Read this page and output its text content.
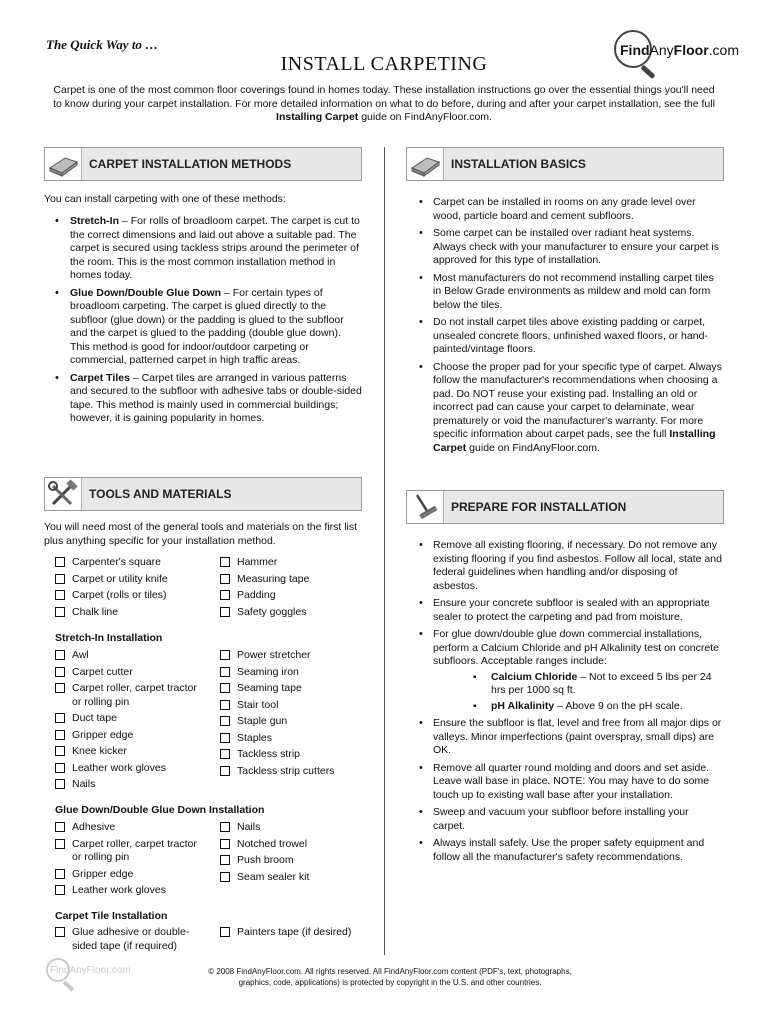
The Quick Way to …	FindAnyFloor.com
INSTALL CARPETING
Carpet is one of the most common floor coverings found in homes today. These installation instructions go over the essential things you'll need to know during your carpet installation. For more detailed information on what to do before, during and after your carpet installation, see the full Installing Carpet guide on FindAnyFloor.com.
CARPET INSTALLATION METHODS
You can install carpeting with one of these methods:
• Stretch-In – For rolls of broadloom carpet. The carpet is cut to the correct dimensions and laid out above a suitable pad. The carpet is secured using tackless strips around the perimeter of the room. This is the most common installation method in homes today.
• Glue Down/Double Glue Down – For certain types of broadloom carpeting. The carpet is glued directly to the subfloor (glue down) or the padding is glued to the subfloor and the carpet is glued to the padding (double glue down). This method is good for indoor/outdoor carpeting or commercial, patterned carpet in high traffic areas.
• Carpet Tiles – Carpet tiles are arranged in various patterns and secured to the subfloor with adhesive tabs or double-sided tape. This method is mainly used in commercial buildings; however, it is gaining popularity in homes.
TOOLS AND MATERIALS
You will need most of the general tools and materials on the first list plus anything specific for your installation method.
Carpenter's square
Carpet or utility knife
Carpet (rolls or tiles)
Chalk line
Hammer
Measuring tape
Padding
Safety goggles
Stretch-In Installation
Awl
Carpet cutter
Carpet roller, carpet tractor or rolling pin
Duct tape
Gripper edge
Knee kicker
Leather work gloves
Nails
Power stretcher
Seaming iron
Seaming tape
Stair tool
Staple gun
Staples
Tackless strip
Tackless strip cutters
Glue Down/Double Glue Down Installation
Adhesive
Carpet roller, carpet tractor or rolling pin
Gripper edge
Leather work gloves
Nails
Notched trowel
Push broom
Seam sealer kit
Carpet Tile Installation
Glue adhesive or double-sided tape (if required)
Painters tape (if desired)
INSTALLATION BASICS
• Carpet can be installed in rooms on any grade level over wood, particle board and cement subfloors.
• Some carpet can be installed over radiant heat systems. Always check with your manufacturer to ensure your carpet is approved for this type of installation.
• Most manufacturers do not recommend installing carpet tiles in Below Grade environments as mildew and mold can form below the tiles.
• Do not install carpet tiles above existing padding or carpet, unsealed concrete floors, unfinished waxed floors, or hand-painted/vintage floors.
• Choose the proper pad for your specific type of carpet. Always follow the manufacturer's recommendations when choosing a pad. Do NOT reuse your existing pad. Installing an old or incorrect pad can cause your carpet to delaminate, wear prematurely or void the manufacturer's warranty. For more specific information about carpet pads, see the full Installing Carpet guide on FindAnyFloor.com.
PREPARE FOR INSTALLATION
• Remove all existing flooring, if necessary. Do not remove any existing flooring if you find asbestos. Follow all local, state and federal guidelines when handling and/or disposing of asbestos.
• Ensure your concrete subfloor is sealed with an appropriate sealer to protect the carpeting and pad from moisture.
• For glue down/double glue down commercial installations, perform a Calcium Chloride and pH Alkalinity test on concrete subfloors. Acceptable ranges include:
▪ Calcium Chloride – Not to exceed 5 lbs per 24 hrs per 1000 sq ft.
▪ pH Alkalinity – Above 9 on the pH scale.
• Ensure the subfloor is flat, level and free from all major dips or valleys. Minor imperfections (paint overspray, small dips) are OK.
• Remove all quarter round molding and doors and set aside. Leave wall base in place. NOTE: You may have to do some touch up to existing wall base after your installation.
• Sweep and vacuum your subfloor before installing your carpet.
• Always install safely. Use the proper safety equipment and follow all the manufacturer's safety recommendations.
FindAnyFloor.com	© 2008 FindAnyFloor.com. All rights reserved. All FindAnyFloor.com content (PDF's, text, photographs,
graphics, code, applications) is protected by copyright in the U.S. and other countries.
